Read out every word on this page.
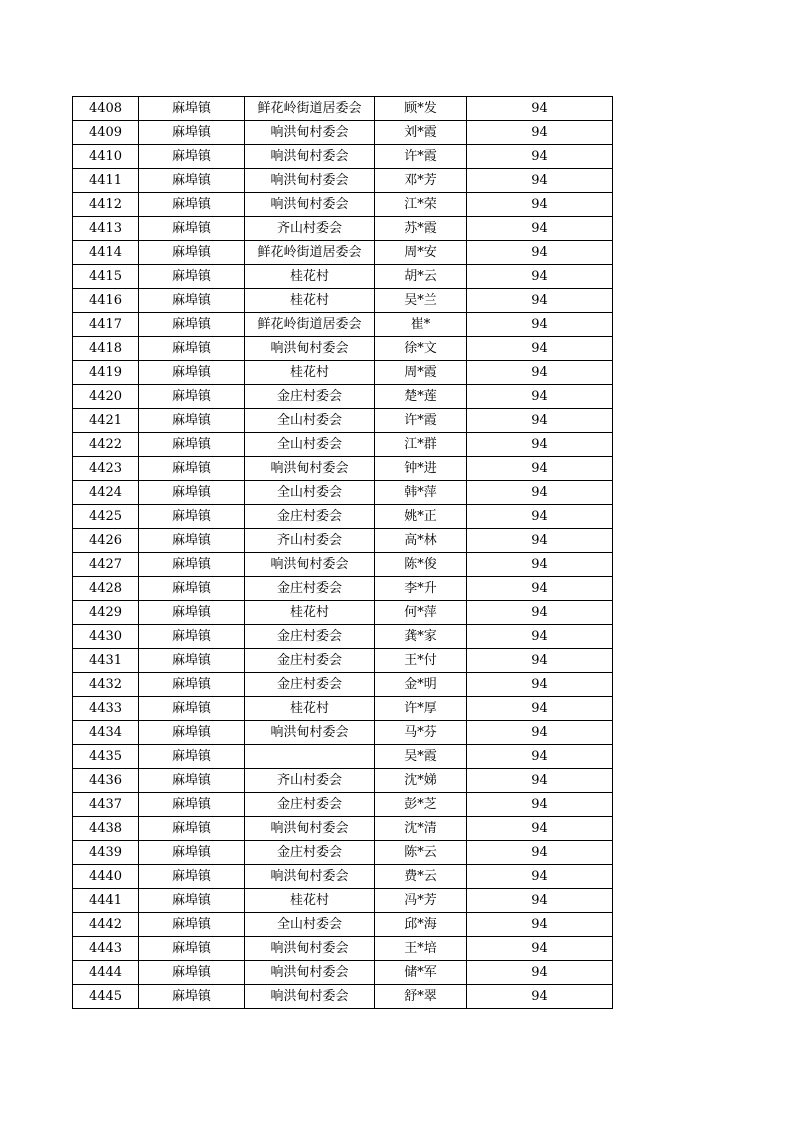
4408	麻埠镇	鲜花岭街道居委会	顾*发	94
4409	麻埠镇	响洪甸村委会	刘*霞	94
4410	麻埠镇	响洪甸村委会	许*霞	94
4411	麻埠镇	响洪甸村委会	邓*芳	94
4412	麻埠镇	响洪甸村委会	江*荣	94
4413	麻埠镇	齐山村委会	苏*霞	94
4414	麻埠镇	鲜花岭街道居委会	周*安	94
4415	麻埠镇	桂花村	胡*云	94
4416	麻埠镇	桂花村	吴*兰	94
4417	麻埠镇	鲜花岭街道居委会	崔*	94
4418	麻埠镇	响洪甸村委会	徐*文	94
4419	麻埠镇	桂花村	周*霞	94
4420	麻埠镇	金庄村委会	楚*莲	94
4421	麻埠镇	全山村委会	许*霞	94
4422	麻埠镇	全山村委会	江*群	94
4423	麻埠镇	响洪甸村委会	钟*进	94
4424	麻埠镇	全山村委会	韩*萍	94
4425	麻埠镇	金庄村委会	姚*正	94
4426	麻埠镇	齐山村委会	高*林	94
4427	麻埠镇	响洪甸村委会	陈*俊	94
4428	麻埠镇	金庄村委会	李*升	94
4429	麻埠镇	桂花村	何*萍	94
4430	麻埠镇	金庄村委会	龚*家	94
4431	麻埠镇	金庄村委会	王*付	94
4432	麻埠镇	金庄村委会	金*明	94
4433	麻埠镇	桂花村	许*厚	94
4434	麻埠镇	响洪甸村委会	马*芬	94
4435	麻埠镇		吴*霞	94
4436	麻埠镇	齐山村委会	沈*娣	94
4437	麻埠镇	金庄村委会	彭*芝	94
4438	麻埠镇	响洪甸村委会	沈*清	94
4439	麻埠镇	金庄村委会	陈*云	94
4440	麻埠镇	响洪甸村委会	费*云	94
4441	麻埠镇	桂花村	冯*芳	94
4442	麻埠镇	全山村委会	邱*海	94
4443	麻埠镇	响洪甸村委会	王*培	94
4444	麻埠镇	响洪甸村委会	储*军	94
4445	麻埠镇	响洪甸村委会	舒*翠	94
